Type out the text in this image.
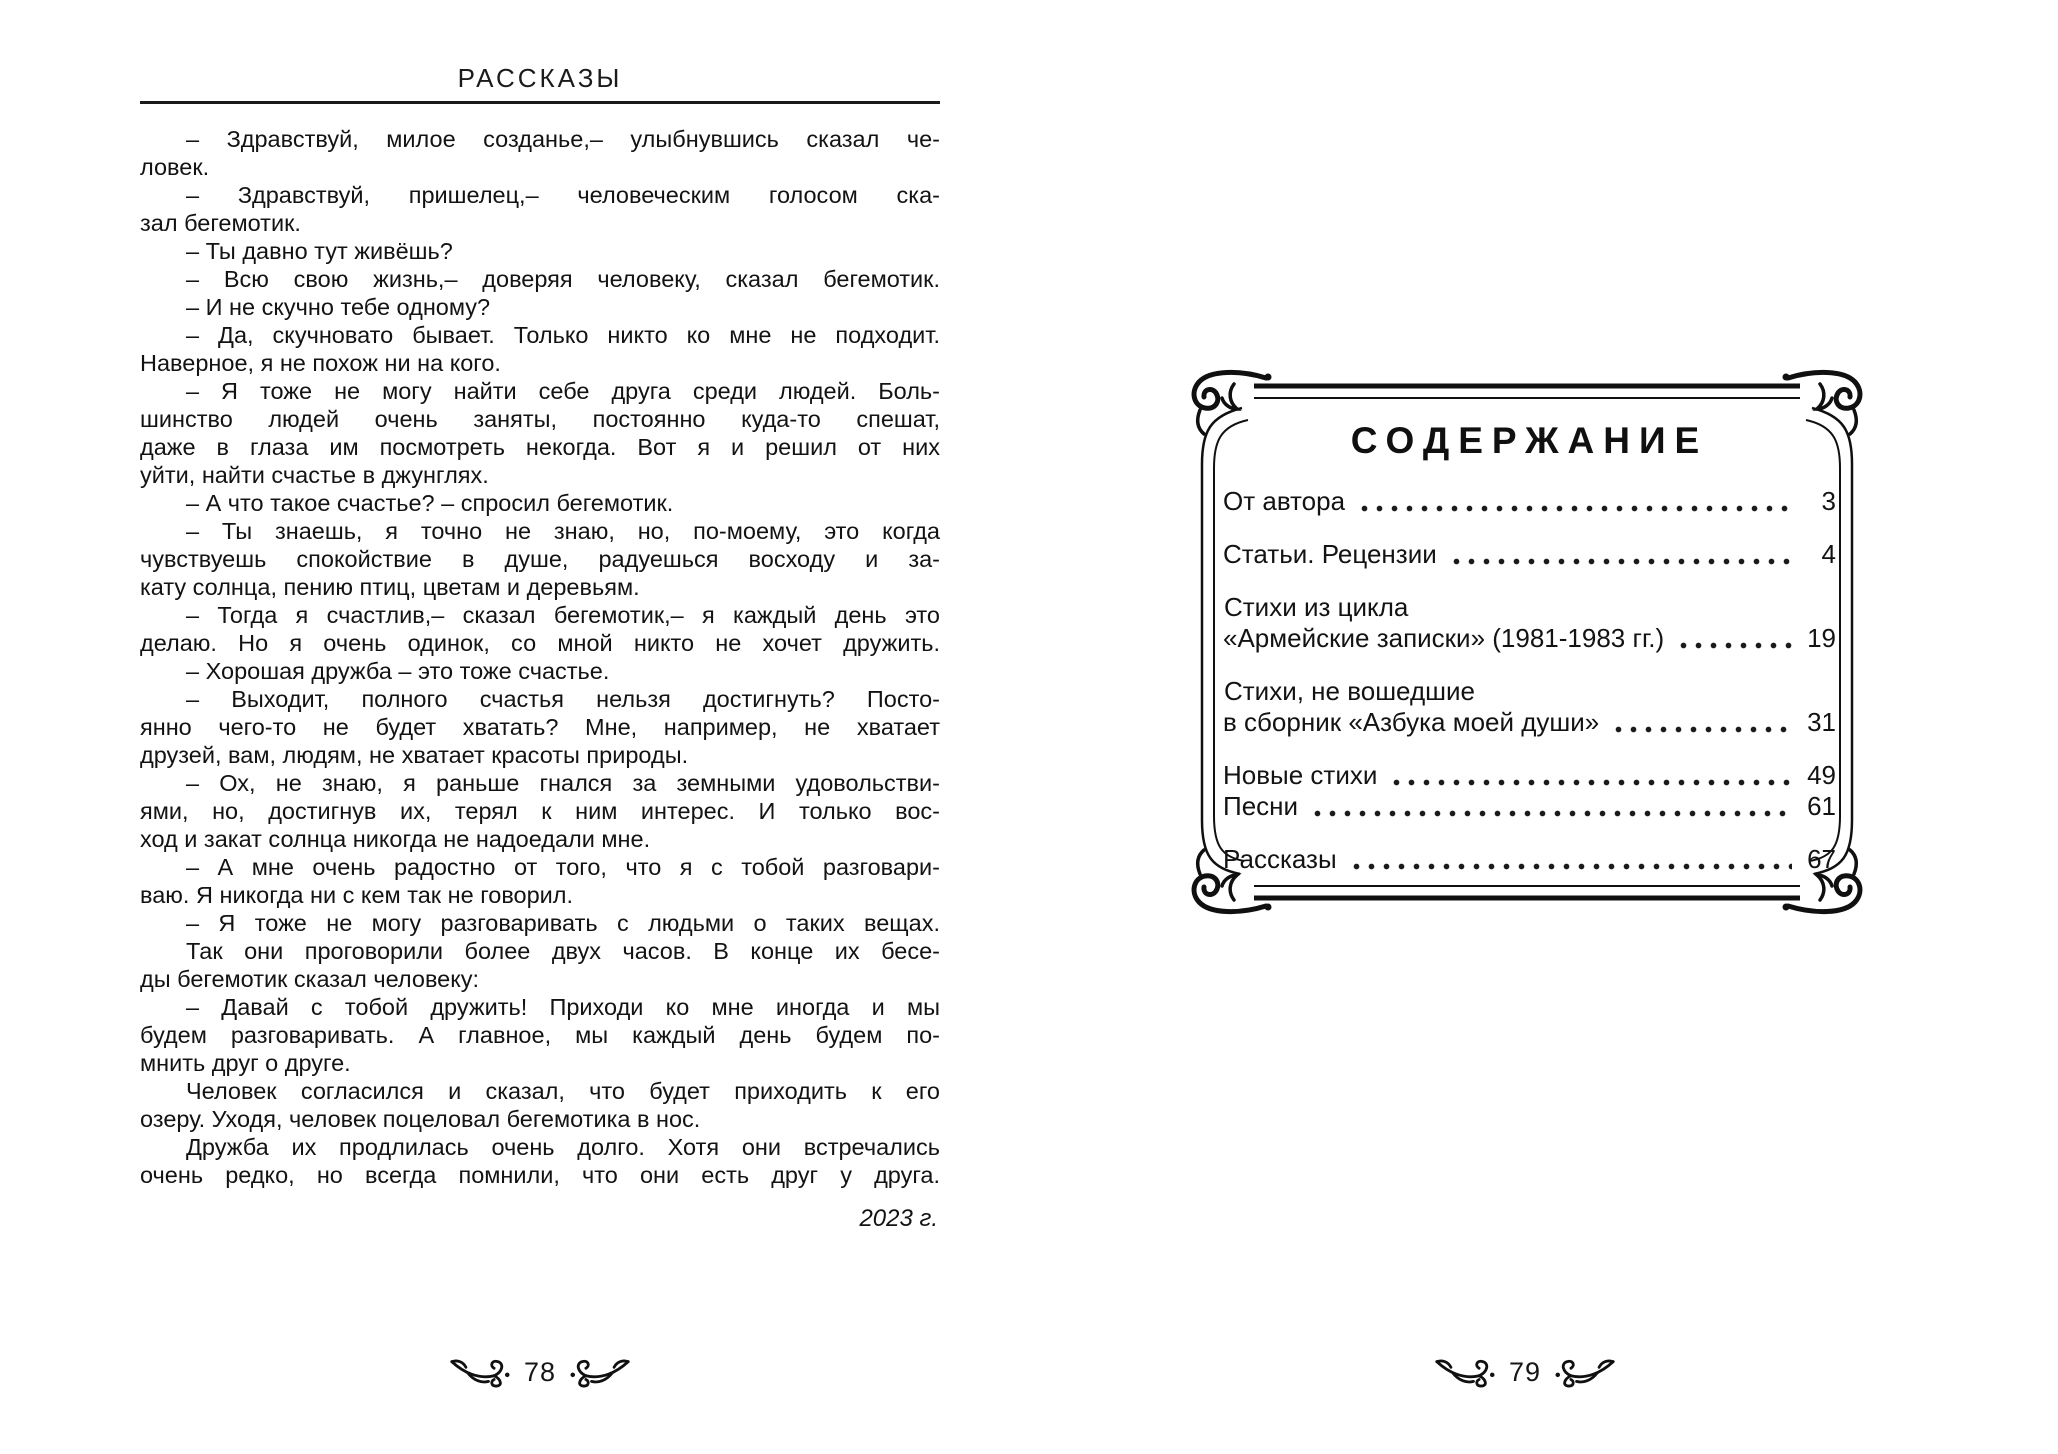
РАССКАЗЫ
– Здравствуй, милое созданье,– улыбнувшись сказал че-
ловек.
– Здравствуй, пришелец,– человеческим голосом ска-
зал бегемотик.
– Ты давно тут живёшь?
– Всю свою жизнь,– доверяя человеку, сказал бегемотик.
– И не скучно тебе одному?
– Да, скучновато бывает. Только никто ко мне не подходит.
Наверное, я не похож ни на кого.
– Я тоже не могу найти себе друга среди людей. Боль-
шинство людей очень заняты, постоянно куда-то спешат,
даже в глаза им посмотреть некогда. Вот я и решил от них
уйти, найти счастье в джунглях.
– А что такое счастье? – спросил бегемотик.
– Ты знаешь, я точно не знаю, но, по-моему, это когда
чувствуешь спокойствие в душе, радуешься восходу и за-
кату солнца, пению птиц, цветам и деревьям.
– Тогда я счастлив,– сказал бегемотик,– я каждый день это
делаю. Но я очень одинок, со мной никто не хочет дружить.
– Хорошая дружба – это тоже счастье.
– Выходит, полного счастья нельзя достигнуть? Посто-
янно чего-то не будет хватать? Мне, например, не хватает
друзей, вам, людям, не хватает красоты природы.
– Ох, не знаю, я раньше гнался за земными удовольстви-
ями, но, достигнув их, терял к ним интерес. И только вос-
ход и закат солнца никогда не надоедали мне.
– А мне очень радостно от того, что я с тобой разговари-
ваю. Я никогда ни с кем так не говорил.
– Я тоже не могу разговаривать с людьми о таких вещах.
Так они проговорили более двух часов. В конце их бесе-
ды бегемотик сказал человеку:
– Давай с тобой дружить! Приходи ко мне иногда и мы
будем разговаривать. А главное, мы каждый день будем по-
мнить друг о друге.
Человек согласился и сказал, что будет приходить к его
озеру. Уходя, человек поцеловал бегемотика в нос.
Дружба их продлилась очень долго. Хотя они встречались
очень редко, но всегда помнили, что они есть друг у друга.
2023 г.
78
СОДЕРЖАНИЕ
От автора	3
Статьи. Рецензии	4
Стихи из цикла
«Армейские записки» (1981-1983 гг.)	19
Стихи, не вошедшие
в сборник «Азбука моей души»	31
Новые стихи	49
Песни	61
Рассказы	67
79
